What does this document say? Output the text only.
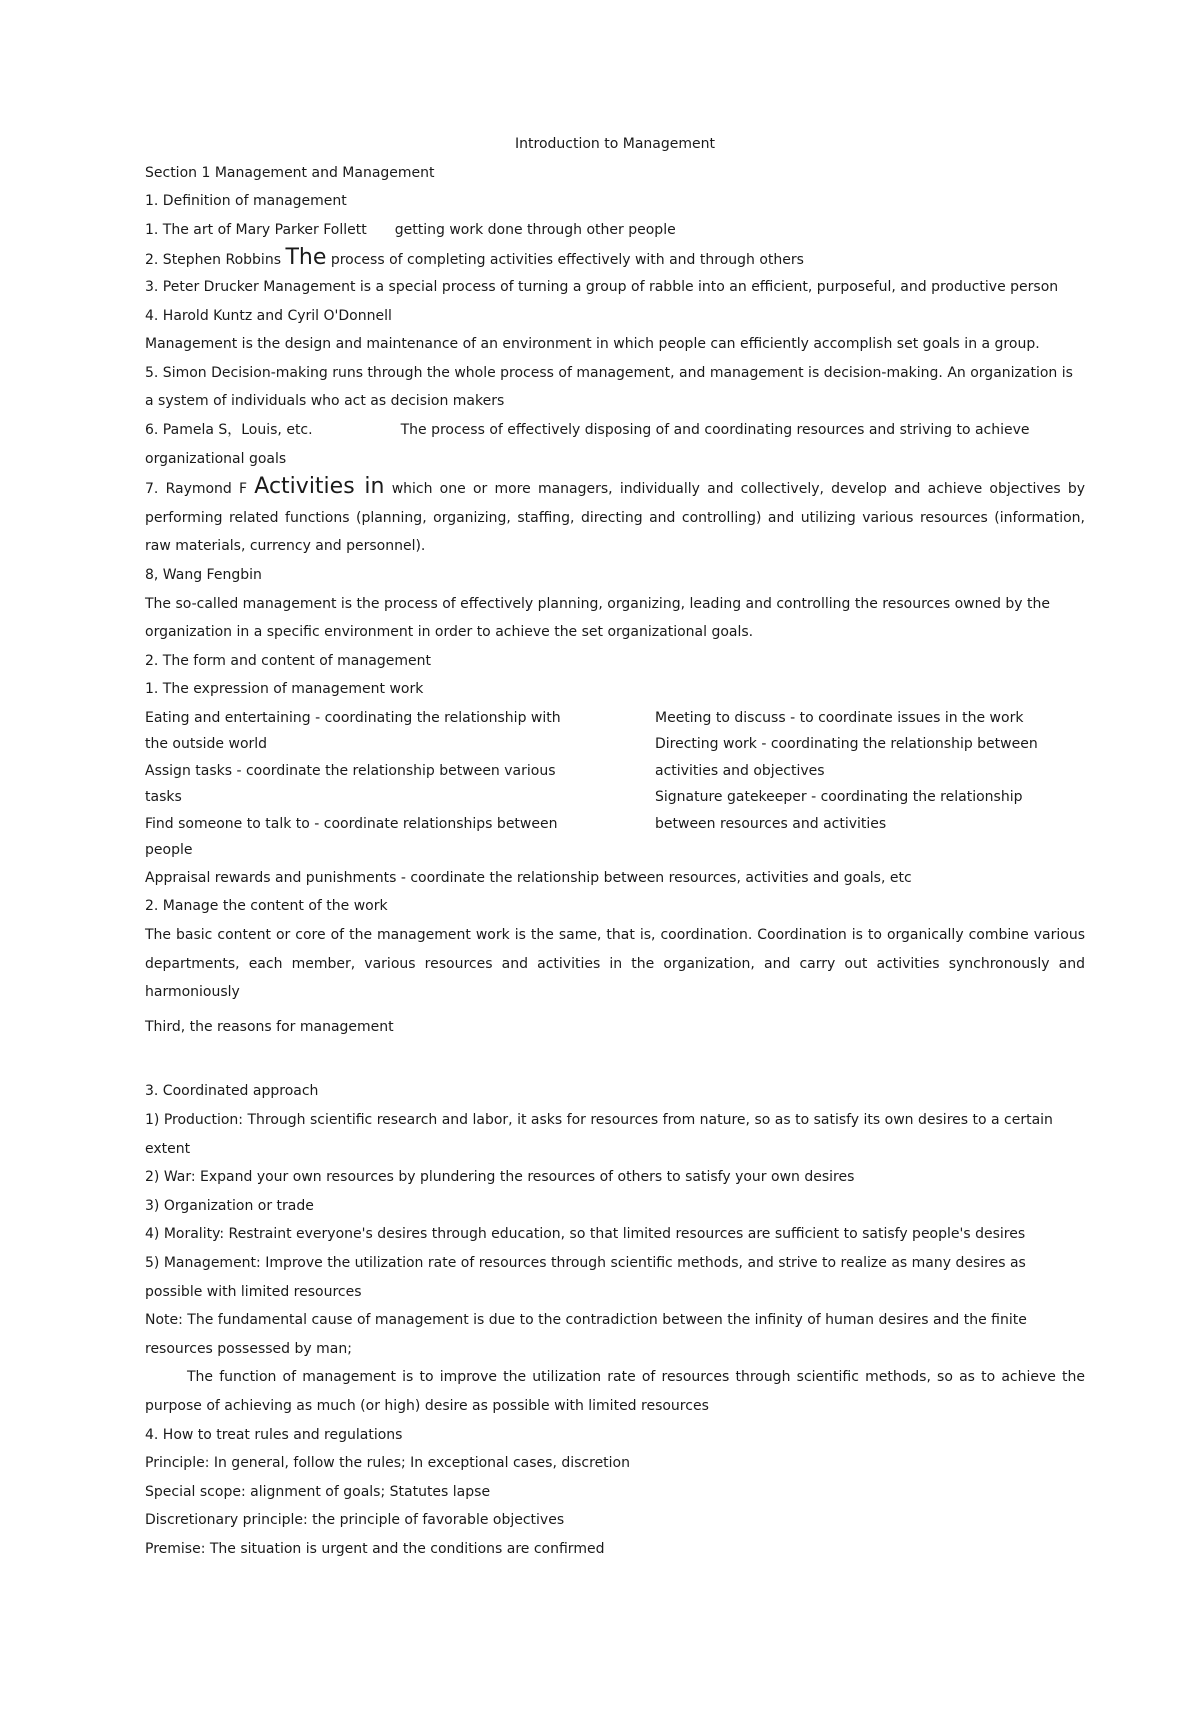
Introduction to Management
Section 1 Management and Management
1. Definition of management
1. The art of Mary Parker Follett getting work done through other people
2. Stephen Robbins The process of completing activities effectively with and through others
3. Peter Drucker Management is a special process of turning a group of rabble into an efficient, purposeful, and productive person
4. Harold Kuntz and Cyril O'Donnell
Management is the design and maintenance of an environment in which people can efficiently accomplish set goals in a group.
5. Simon Decision-making runs through the whole process of management, and management is decision-making. An organization is a system of individuals who act as decision makers
6. Pamela S，Louis, etc.	The process of effectively disposing of and coordinating resources and striving to achieve organizational goals
7. Raymond F Activities in which one or more managers, individually and collectively, develop and achieve objectives by performing related functions (planning, organizing, staffing, directing and controlling) and utilizing various resources (information, raw materials, currency and personnel).
8, Wang Fengbin
The so-called management is the process of effectively planning, organizing, leading and controlling the resources owned by the organization in a specific environment in order to achieve the set organizational goals.
2. The form and content of management
1. The expression of management work
Eating and entertaining - coordinating the relationship with the outside world
Assign tasks - coordinate the relationship between various tasks
Find someone to talk to - coordinate relationships between people
Meeting to discuss - to coordinate issues in the work
Directing work - coordinating the relationship between activities and objectives
Signature gatekeeper - coordinating the relationship between resources and activities
Appraisal rewards and punishments - coordinate the relationship between resources, activities and goals, etc
2. Manage the content of the work
The basic content or core of the management work is the same, that is, coordination. Coordination is to organically combine various departments, each member, various resources and activities in the organization, and carry out activities synchronously and harmoniously
Third, the reasons for management
3. Coordinated approach
1) Production: Through scientific research and labor, it asks for resources from nature, so as to satisfy its own desires to a certain extent
2) War: Expand your own resources by plundering the resources of others to satisfy your own desires
3) Organization or trade
4) Morality: Restraint everyone's desires through education, so that limited resources are sufficient to satisfy people's desires
5) Management: Improve the utilization rate of resources through scientific methods, and strive to realize as many desires as possible with limited resources
Note: The fundamental cause of management is due to the contradiction between the infinity of human desires and the finite resources possessed by man;
The function of management is to improve the utilization rate of resources through scientific methods, so as to achieve the purpose of achieving as much (or high) desire as possible with limited resources
4. How to treat rules and regulations
Principle: In general, follow the rules; In exceptional cases, discretion
Special scope: alignment of goals; Statutes lapse
Discretionary principle: the principle of favorable objectives
Premise: The situation is urgent and the conditions are confirmed
